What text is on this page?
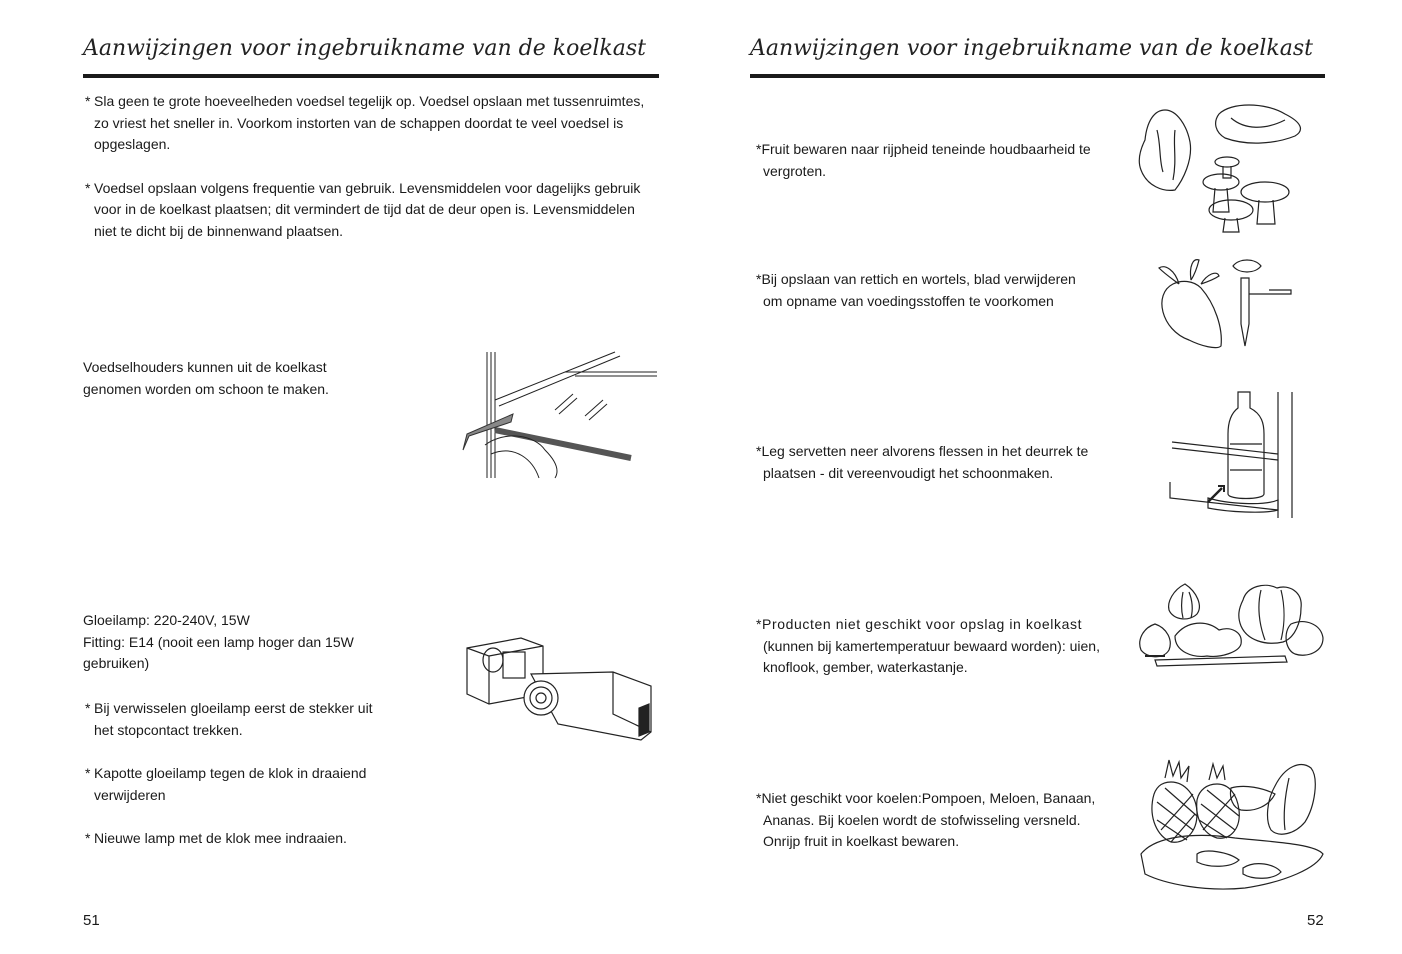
Aanwijzingen voor ingebruikname van de koelkast
* Sla geen te grote hoeveelheden voedsel tegelijk op. Voedsel opslaan met tussenruimtes,
zo vriest het sneller in. Voorkom instorten van de schappen doordat te veel voedsel is
opgeslagen.
* Voedsel opslaan volgens frequentie van gebruik. Levensmiddelen voor dagelijks gebruik
voor in de koelkast plaatsen; dit vermindert de tijd dat de deur open is. Levensmiddelen
niet te dicht bij de binnenwand plaatsen.
Voedselhouders kunnen uit de koelkast
genomen worden om schoon te maken.
Gloeilamp: 220-240V, 15W
Fitting: E14 (nooit een lamp hoger dan 15W
gebruiken)
* Bij verwisselen gloeilamp eerst de stekker uit
het stopcontact trekken.
* Kapotte gloeilamp tegen de klok in draaiend
verwijderen
* Nieuwe lamp met de klok mee indraaien.
51
Aanwijzingen voor ingebruikname van de koelkast
*Fruit bewaren naar rijpheid teneinde houdbaarheid te
vergroten.
*Bij opslaan van rettich en wortels, blad verwijderen
om opname van voedingsstoffen te voorkomen
*Leg servetten neer alvorens flessen in het deurrek te
plaatsen - dit vereenvoudigt het schoonmaken.
*Producten niet geschikt voor opslag in koelkast
(kunnen bij kamertemperatuur bewaard worden): uien,
knoflook, gember, waterkastanje.
*Niet geschikt voor koelen:Pompoen, Meloen, Banaan,
Ananas. Bij koelen wordt de stofwisseling versneld.
Onrijp fruit in koelkast bewaren.
52
